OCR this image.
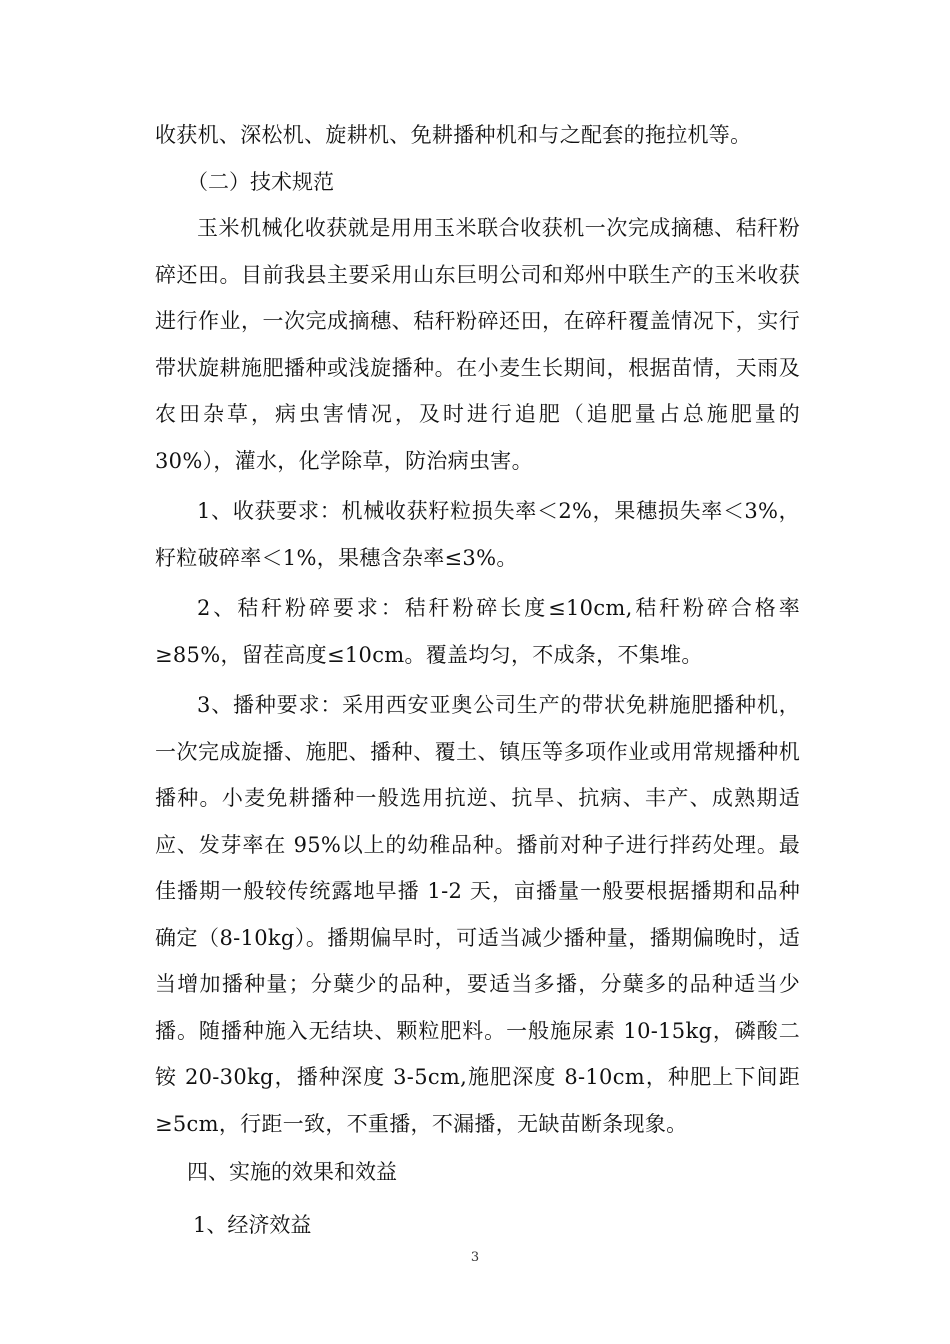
收获机、深松机、旋耕机、免耕播种机和与之配套的拖拉机等。

（二）技术规范

玉米机械化收获就是用用玉米联合收获机一次完成摘穗、秸秆粉碎还田。目前我县主要采用山东巨明公司和郑州中联生产的玉米收获进行作业，一次完成摘穗、秸秆粉碎还田，在碎秆覆盖情况下，实行带状旋耕施肥播种或浅旋播种。在小麦生长期间，根据苗情，天雨及农田杂草，病虫害情况，及时进行追肥（追肥量占总施肥量的 30%），灌水，化学除草，防治病虫害。

1、收获要求：机械收获籽粒损失率＜2%，果穗损失率＜3%，籽粒破碎率＜1%，果穗含杂率≤3%。

2、秸秆粉碎要求：秸秆粉碎长度≤10cm,秸秆粉碎合格率≥85%，留茬高度≤10cm。覆盖均匀，不成条，不集堆。

3、播种要求：采用西安亚奥公司生产的带状免耕施肥播种机，一次完成旋播、施肥、播种、覆土、镇压等多项作业或用常规播种机播种。小麦免耕播种一般选用抗逆、抗旱、抗病、丰产、成熟期适应、发芽率在 95%以上的幼稚品种。播前对种子进行拌药处理。最佳播期一般较传统露地早播 1-2 天，亩播量一般要根据播期和品种确定（8-10kg）。播期偏早时，可适当减少播种量，播期偏晚时，适当增加播种量；分蘖少的品种，要适当多播，分蘖多的品种适当少播。随播种施入无结块、颗粒肥料。一般施尿素 10-15kg，磷酸二铵 20-30kg，播种深度 3-5cm,施肥深度 8-10cm，种肥上下间距≥5cm，行距一致，不重播，不漏播，无缺苗断条现象。

四、实施的效果和效益

1、经济效益

3
